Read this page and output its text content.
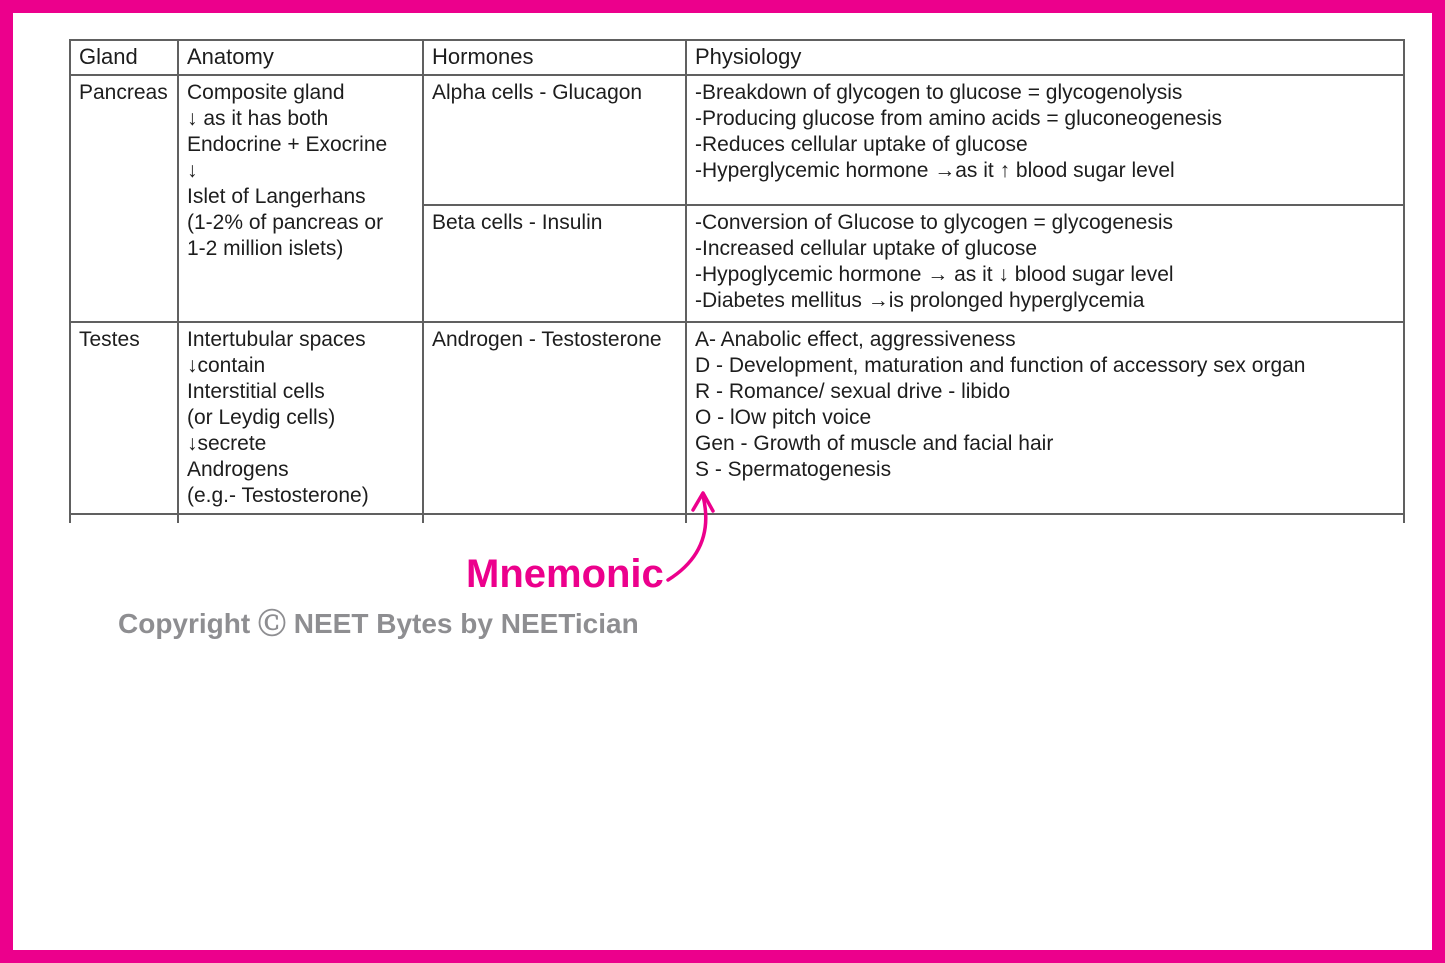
Gland	Anatomy	Hormones	Physiology
Pancreas	Composite gland
↓ as it has both
Endocrine + Exocrine
↓
Islet of Langerhans
(1-2% of pancreas or
1-2 million islets)
	Alpha cells - Glucagon	-Breakdown of glycogen to glucose = glycogenolysis
-Producing glucose from amino acids = gluconeogenesis
-Reduces cellular uptake of glucose
-Hyperglycemic hormone →as it ↑ blood sugar level

		Beta cells - Insulin	-Conversion of Glucose to glycogen = glycogenesis
-Increased cellular uptake of glucose
-Hypoglycemic hormone → as it ↓ blood sugar level
-Diabetes mellitus →is prolonged hyperglycemia

Testes	Intertubular spaces
↓contain
Interstitial cells
(or Leydig cells)
↓secrete
Androgens
(e.g.- Testosterone)
	Androgen - Testosterone	A- Anabolic effect, aggressiveness
D - Development, maturation and function of accessory sex organ
R - Romance/ sexual drive - libido
O - lOw pitch voice
Gen - Growth of muscle and facial hair
S - Spermatogenesis

Mnemonic
Copyright Ⓒ NEET Bytes by NEETician
